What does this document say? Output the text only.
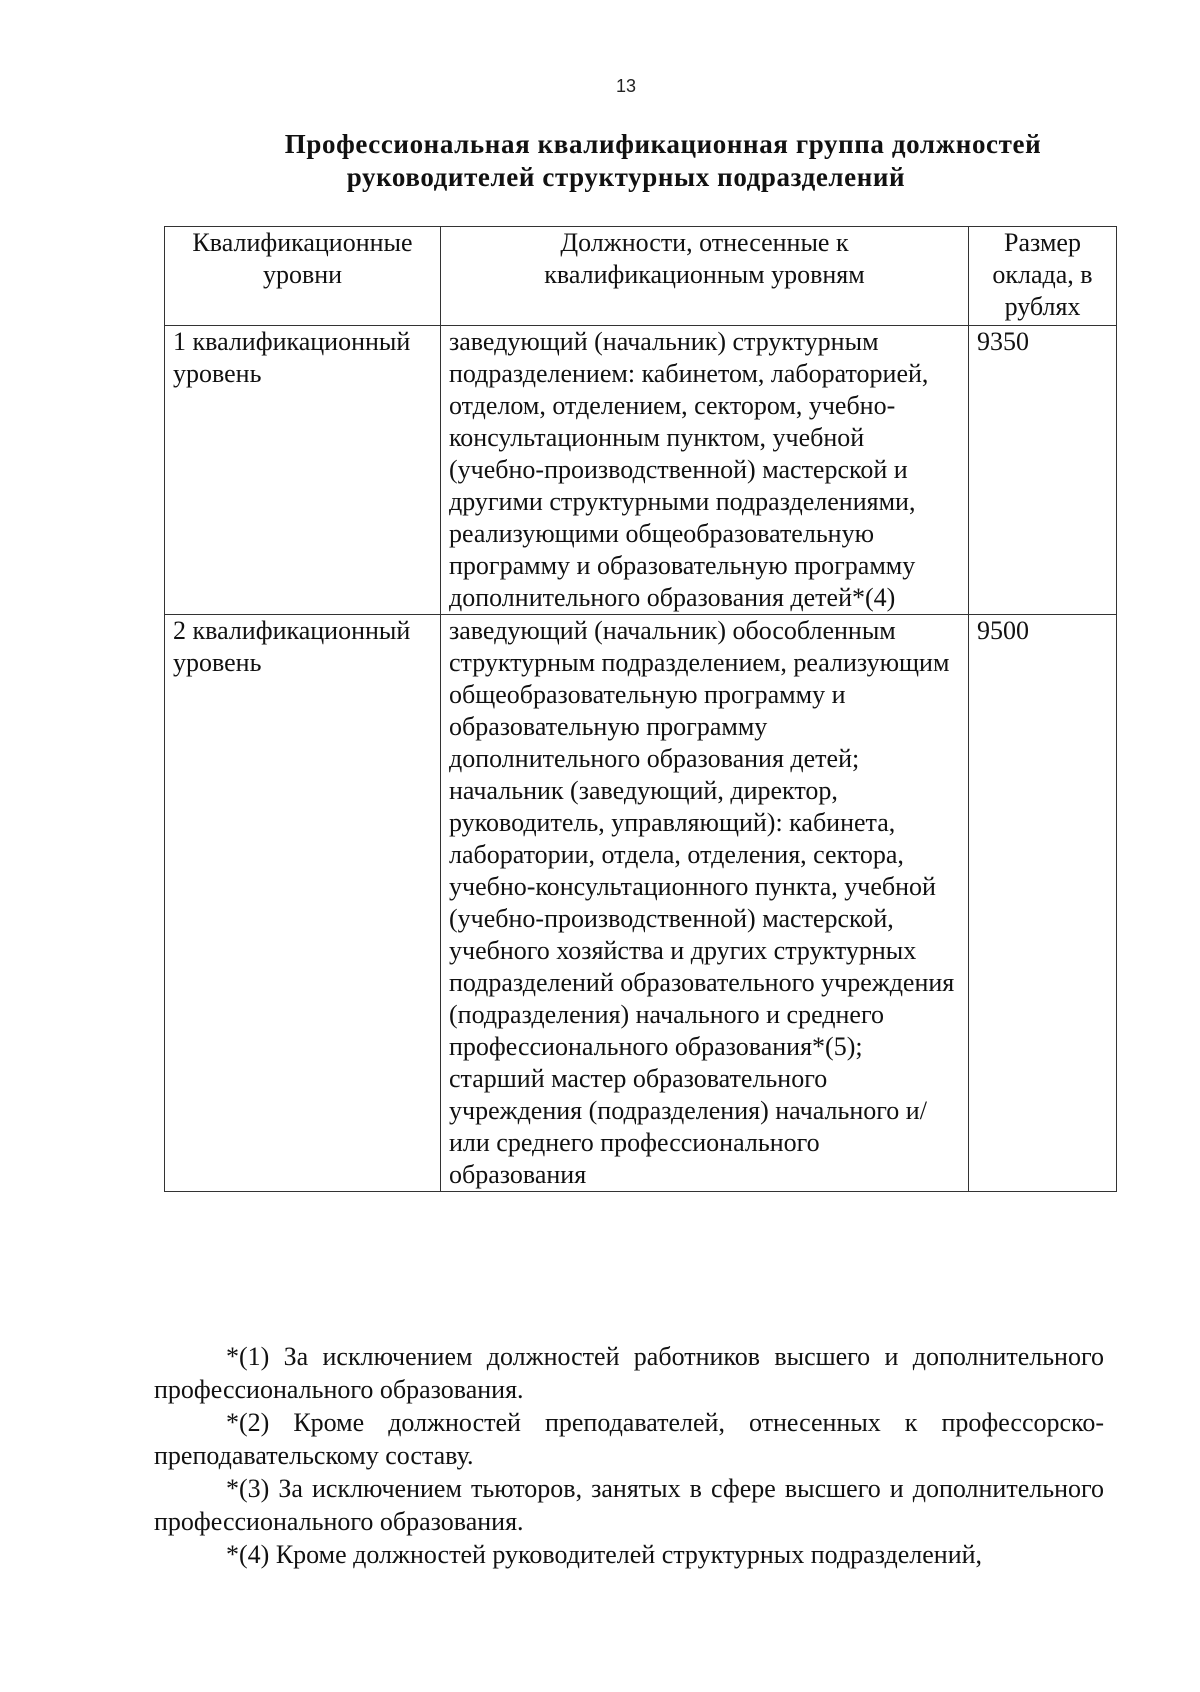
13
Профессиональная квалификационная группа должностей
руководителей структурных подразделений
Квалификационные уровни	Должности, отнесенные к квалификационным уровням	Размер оклада, в рублях
1 квалификационный уровень	заведующий (начальник) структурным подразделением: кабинетом, лабораторией, отделом, отделением, сектором, учебно-консультационным пунктом, учебной (учебно-производственной) мастерской и другими структурными подразделениями, реализующими общеобразовательную программу и образовательную программу дополнительного образования детей*(4)	9350
2 квалификационный уровень	заведующий (начальник) обособленным структурным подразделением, реализующим общеобразовательную программу и образовательную программу дополнительного образования детей; начальник (заведующий, директор, руководитель, управляющий): кабинета, лаборатории, отдела, отделения, сектора, учебно-консультационного пункта, учебной (учебно-производственной) мастерской, учебного хозяйства и других структурных подразделений образовательного учреждения (подразделения) начального и среднего профессионального образования*(5); старший мастер образовательного учреждения (подразделения) начального и/или среднего профессионального образования	9500

*(1) За исключением должностей работников высшего и дополнительного профессионального образования.

*(2) Кроме должностей преподавателей, отнесенных к профессорско-преподавательскому составу.

*(3) За исключением тьюторов, занятых в сфере высшего и дополнительного профессионального образования.

*(4) Кроме должностей руководителей структурных подразделений,
